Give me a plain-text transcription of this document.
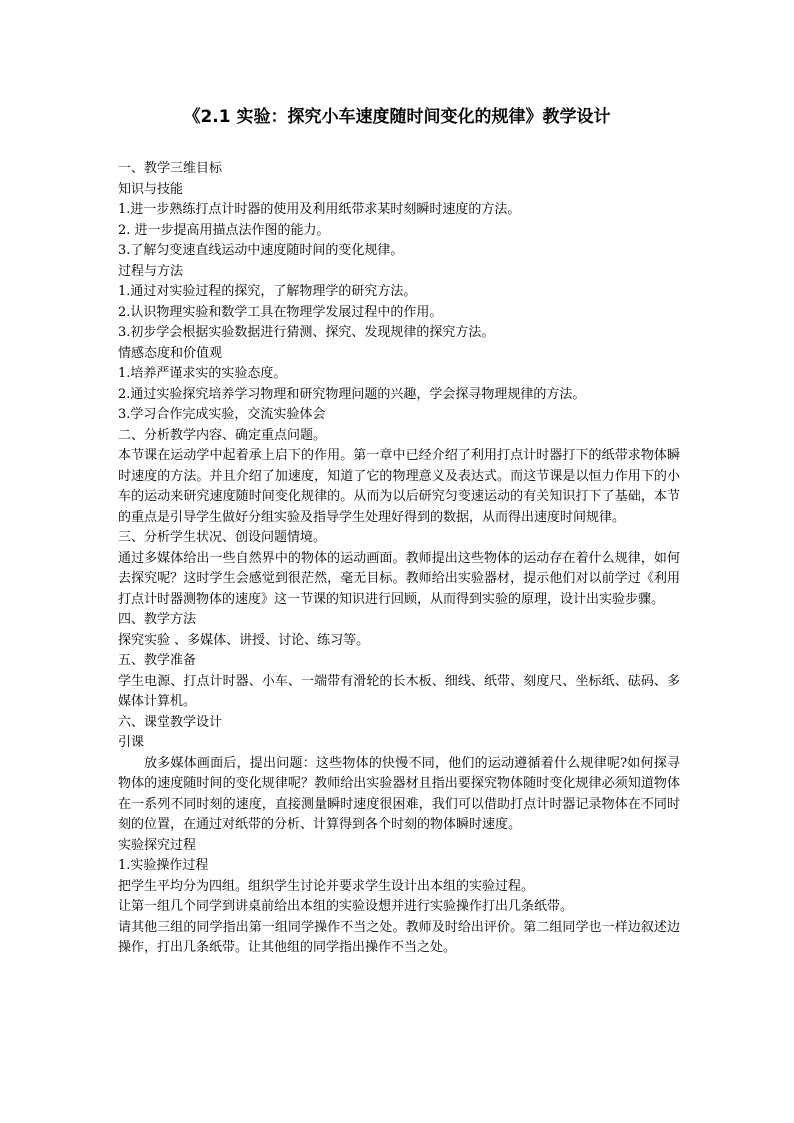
《2.1 实验：探究小车速度随时间变化的规律》教学设计

一、教学三维目标

知识与技能

1.进一步熟练打点计时器的使用及利用纸带求某时刻瞬时速度的方法。

2. 进一步提高用描点法作图的能力。

3.了解匀变速直线运动中速度随时间的变化规律。

过程与方法

1.通过对实验过程的探究，了解物理学的研究方法。

2.认识物理实验和数学工具在物理学发展过程中的作用。

3.初步学会根据实验数据进行猜测、探究、发现规律的探究方法。

情感态度和价值观

1.培养严谨求实的实验态度。

2.通过实验探究培养学习物理和研究物理问题的兴趣，学会探寻物理规律的方法。

3.学习合作完成实验，交流实验体会

二、分析教学内容、确定重点问题。

本节课在运动学中起着承上启下的作用。第一章中已经介绍了利用打点计时器打下的纸带求物体瞬时速度的方法。并且介绍了加速度，知道了它的物理意义及表达式。而这节课是以恒力作用下的小车的运动来研究速度随时间变化规律的。从而为以后研究匀变速运动的有关知识打下了基础，本节的重点是引导学生做好分组实验及指导学生处理好得到的数据，从而得出速度时间规律。

三、分析学生状况、创设问题情境。

通过多媒体给出一些自然界中的物体的运动画面。教师提出这些物体的运动存在着什么规律，如何去探究呢？这时学生会感觉到很茫然，毫无目标。教师给出实验器材，提示他们对以前学过《利用打点计时器测物体的速度》这一节课的知识进行回顾，从而得到实验的原理，设计出实验步骤。

四、教学方法

探究实验 、多媒体、讲授、讨论、练习等。

五、教学准备

学生电源、打点计时器、小车、一端带有滑轮的长木板、细线、纸带、刻度尺、坐标纸、砝码、多媒体计算机。

六、课堂教学设计

引课

放多媒体画面后，提出问题：这些物体的快慢不同，他们的运动遵循着什么规律呢?如何探寻物体的速度随时间的变化规律呢？教师给出实验器材且指出要探究物体随时变化规律必须知道物体在一系列不同时刻的速度，直接测量瞬时速度很困难，我们可以借助打点计时器记录物体在不同时刻的位置，在通过对纸带的分析、计算得到各个时刻的物体瞬时速度。

实验探究过程

1.实验操作过程

把学生平均分为四组。组织学生讨论并要求学生设计出本组的实验过程。

让第一组几个同学到讲桌前给出本组的实验设想并进行实验操作打出几条纸带。

请其他三组的同学指出第一组同学操作不当之处。教师及时给出评价。第二组同学也一样边叙述边操作，打出几条纸带。让其他组的同学指出操作不当之处。
